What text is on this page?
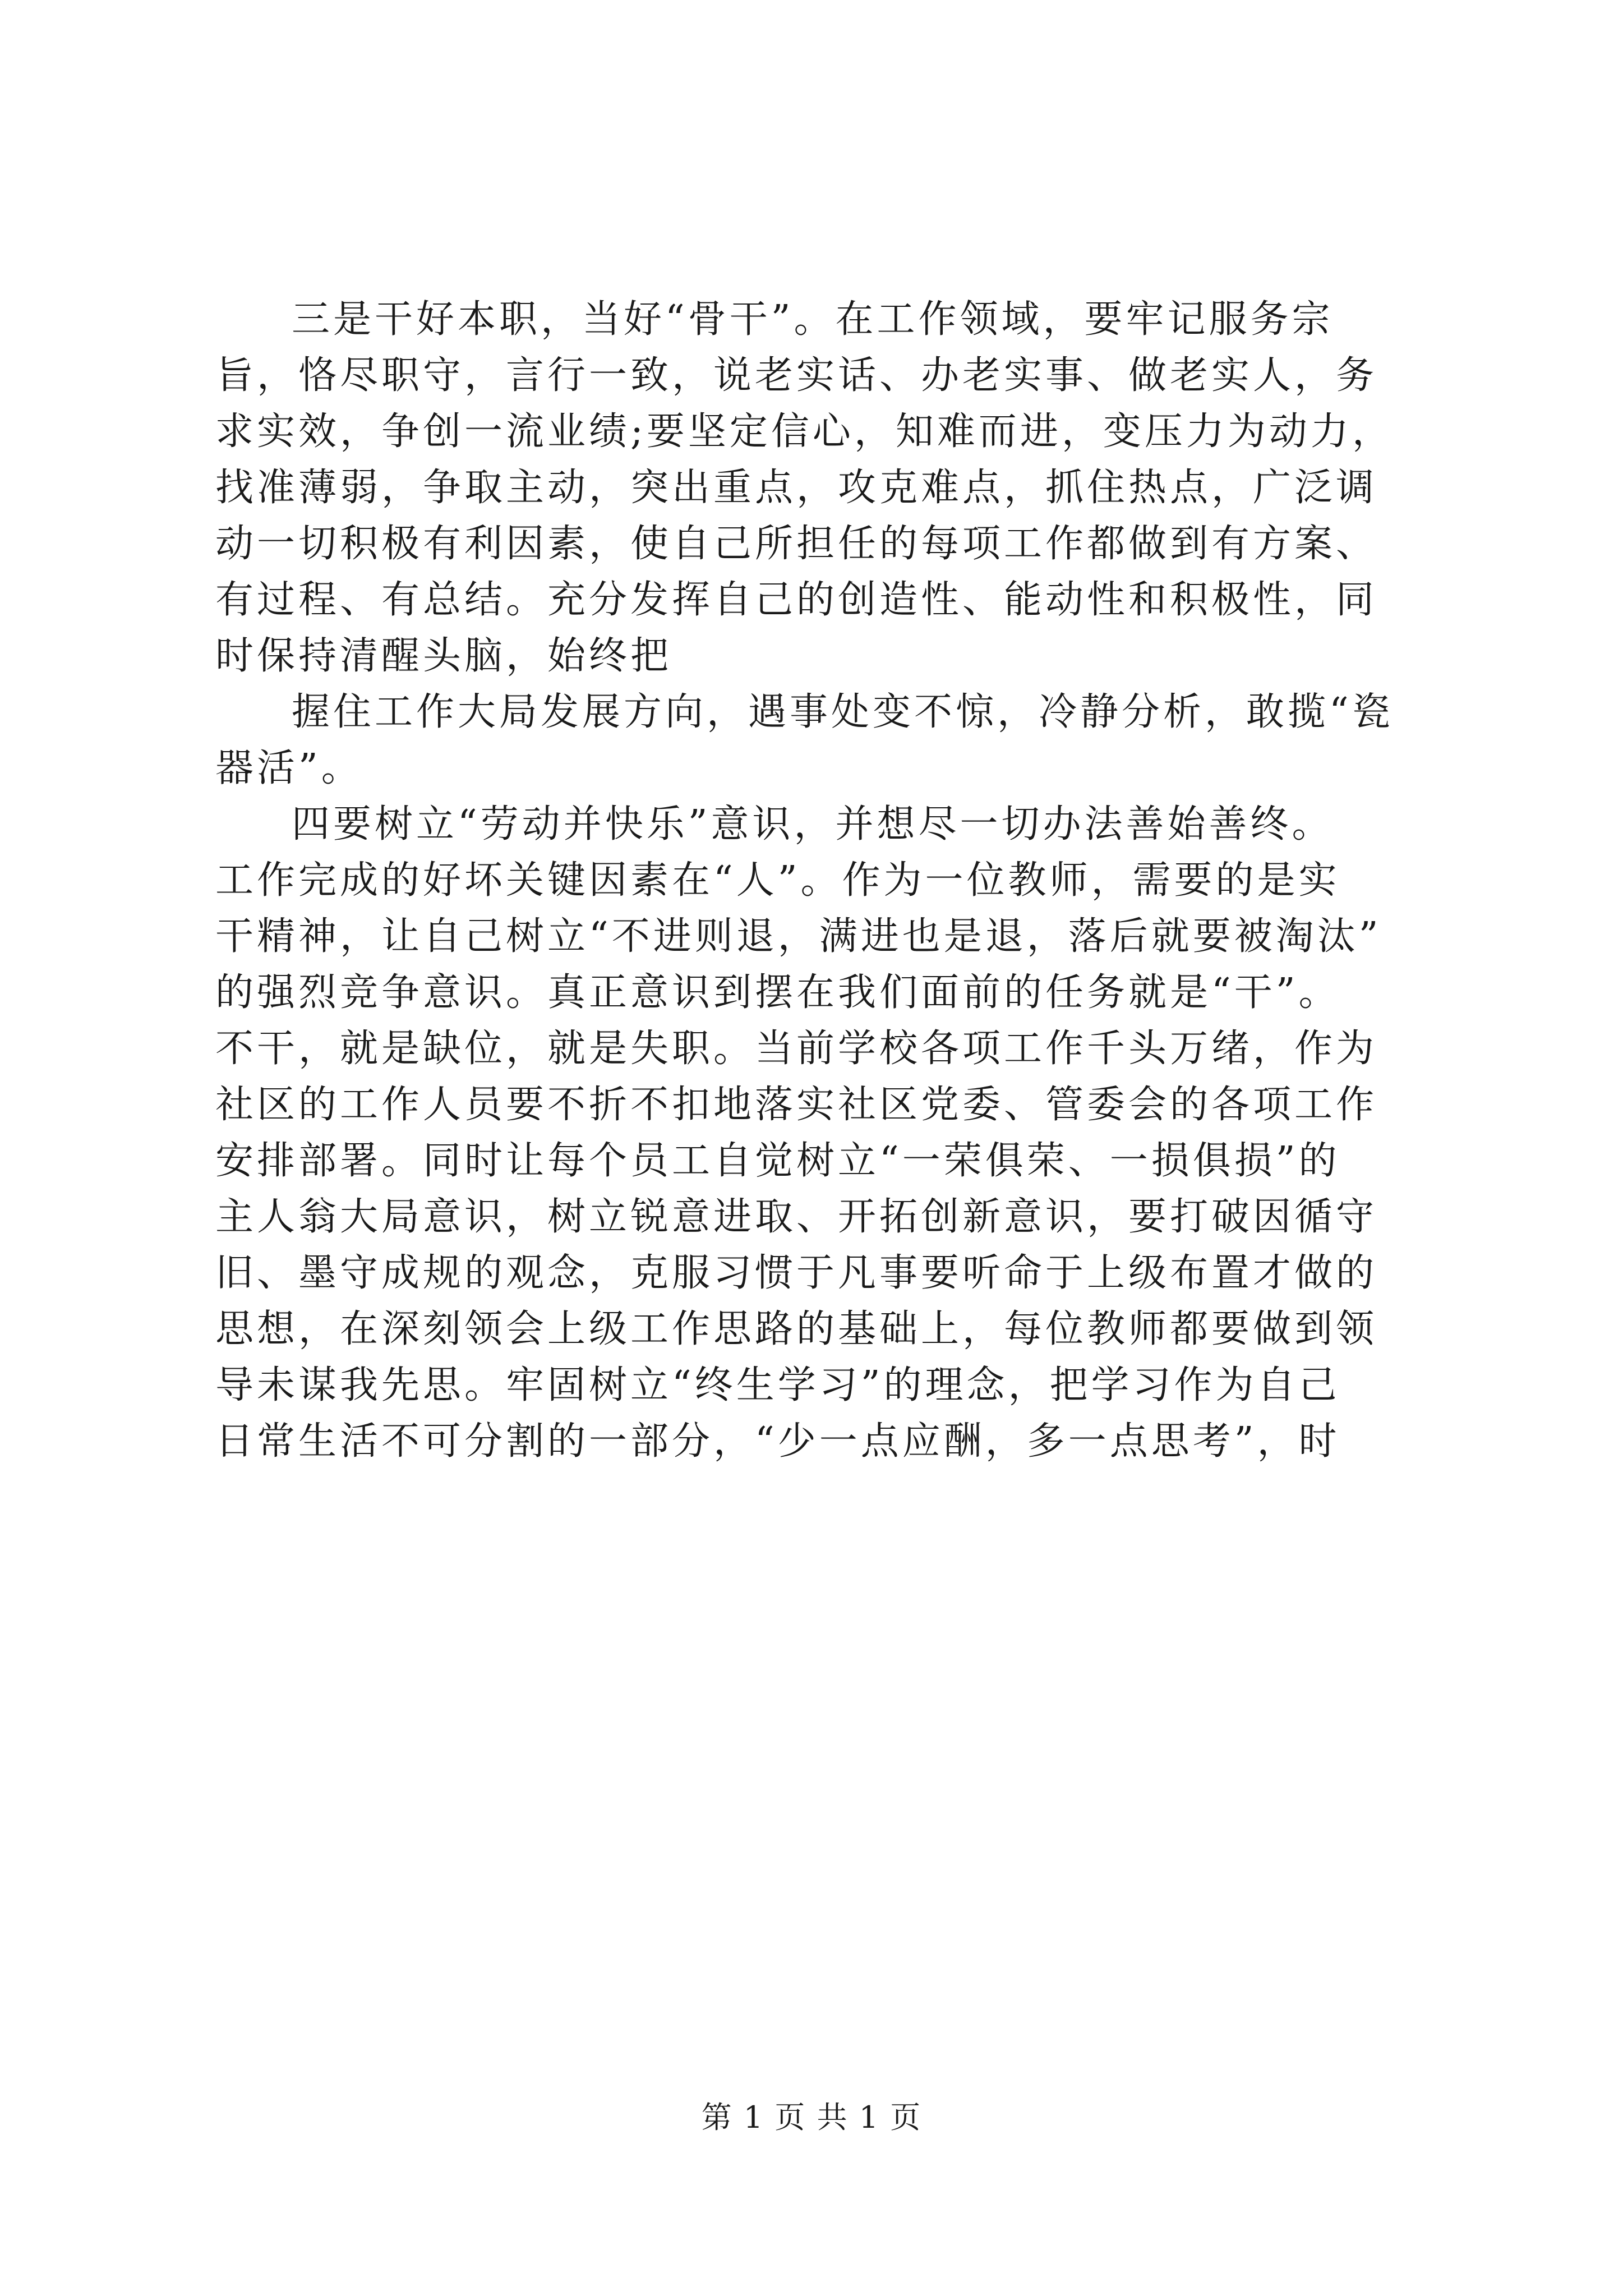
三是干好本职，当好“骨干”。在工作领域，要牢记服务宗
旨，恪尽职守，言行一致，说老实话、办老实事、做老实人，务
求实效，争创一流业绩;要坚定信心，知难而进，变压力为动力，
找准薄弱，争取主动，突出重点，攻克难点，抓住热点，广泛调
动一切积极有利因素，使自己所担任的每项工作都做到有方案、
有过程、有总结。充分发挥自己的创造性、能动性和积极性，同
时保持清醒头脑，始终把
握住工作大局发展方向，遇事处变不惊，冷静分析，敢揽“瓷
器活”。
四要树立“劳动并快乐”意识，并想尽一切办法善始善终。
工作完成的好坏关键因素在“人”。作为一位教师，需要的是实
干精神，让自己树立“不进则退，满进也是退，落后就要被淘汰”
的强烈竞争意识。真正意识到摆在我们面前的任务就是“干”。
不干，就是缺位，就是失职。当前学校各项工作千头万绪，作为
社区的工作人员要不折不扣地落实社区党委、管委会的各项工作
安排部署。同时让每个员工自觉树立“一荣俱荣、一损俱损”的
主人翁大局意识，树立锐意进取、开拓创新意识，要打破因循守
旧、墨守成规的观念，克服习惯于凡事要听命于上级布置才做的
思想，在深刻领会上级工作思路的基础上，每位教师都要做到领
导未谋我先思。牢固树立“终生学习”的理念，把学习作为自己
日常生活不可分割的一部分，“少一点应酬，多一点思考”，时
第 1 页 共 1 页
